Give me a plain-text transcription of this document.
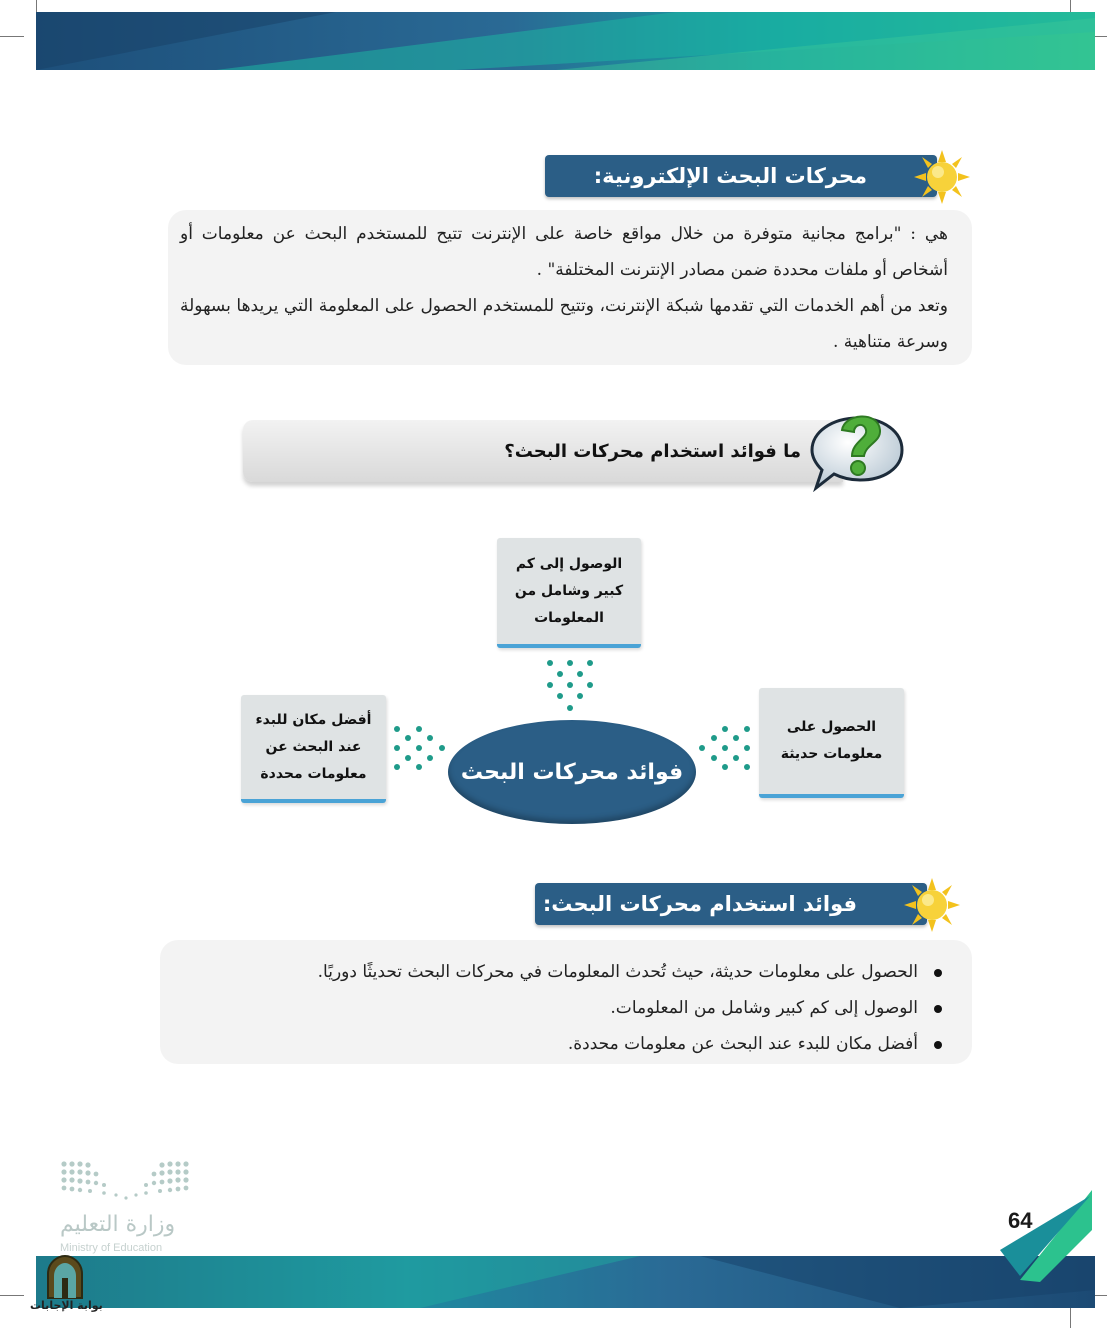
محركات البحث الإلكترونية:

هي : "برامج مجانية متوفرة من خلال مواقع خاصة على الإنترنت تتيح للمستخدم البحث عن معلومات أو أشخاص أو ملفات محددة ضمن مصادر الإنترنت المختلفة" .

وتعد من أهم الخدمات التي تقدمها شبكة الإنترنت، وتتيح للمستخدم الحصول على المعلومة التي يريدها بسهولة وسرعة متناهية .

ما فوائد استخدام محركات البحث؟
الوصول إلى كم كبير وشامل من المعلومات
أفضل مكان للبدء عند البحث عن معلومات محددة
الحصول على معلومات حديثة
فوائد محركات البحث
فوائد استخدام محركات البحث:
الحصول على معلومات حديثة، حيث تُحدث المعلومات في محركات البحث تحديثًا دوريًا.
الوصول إلى كم كبير وشامل من المعلومات.
أفضل مكان للبدء عند البحث عن معلومات محددة.
وزارة التعليم
Ministry of Education
64
بوابة الإجابات
